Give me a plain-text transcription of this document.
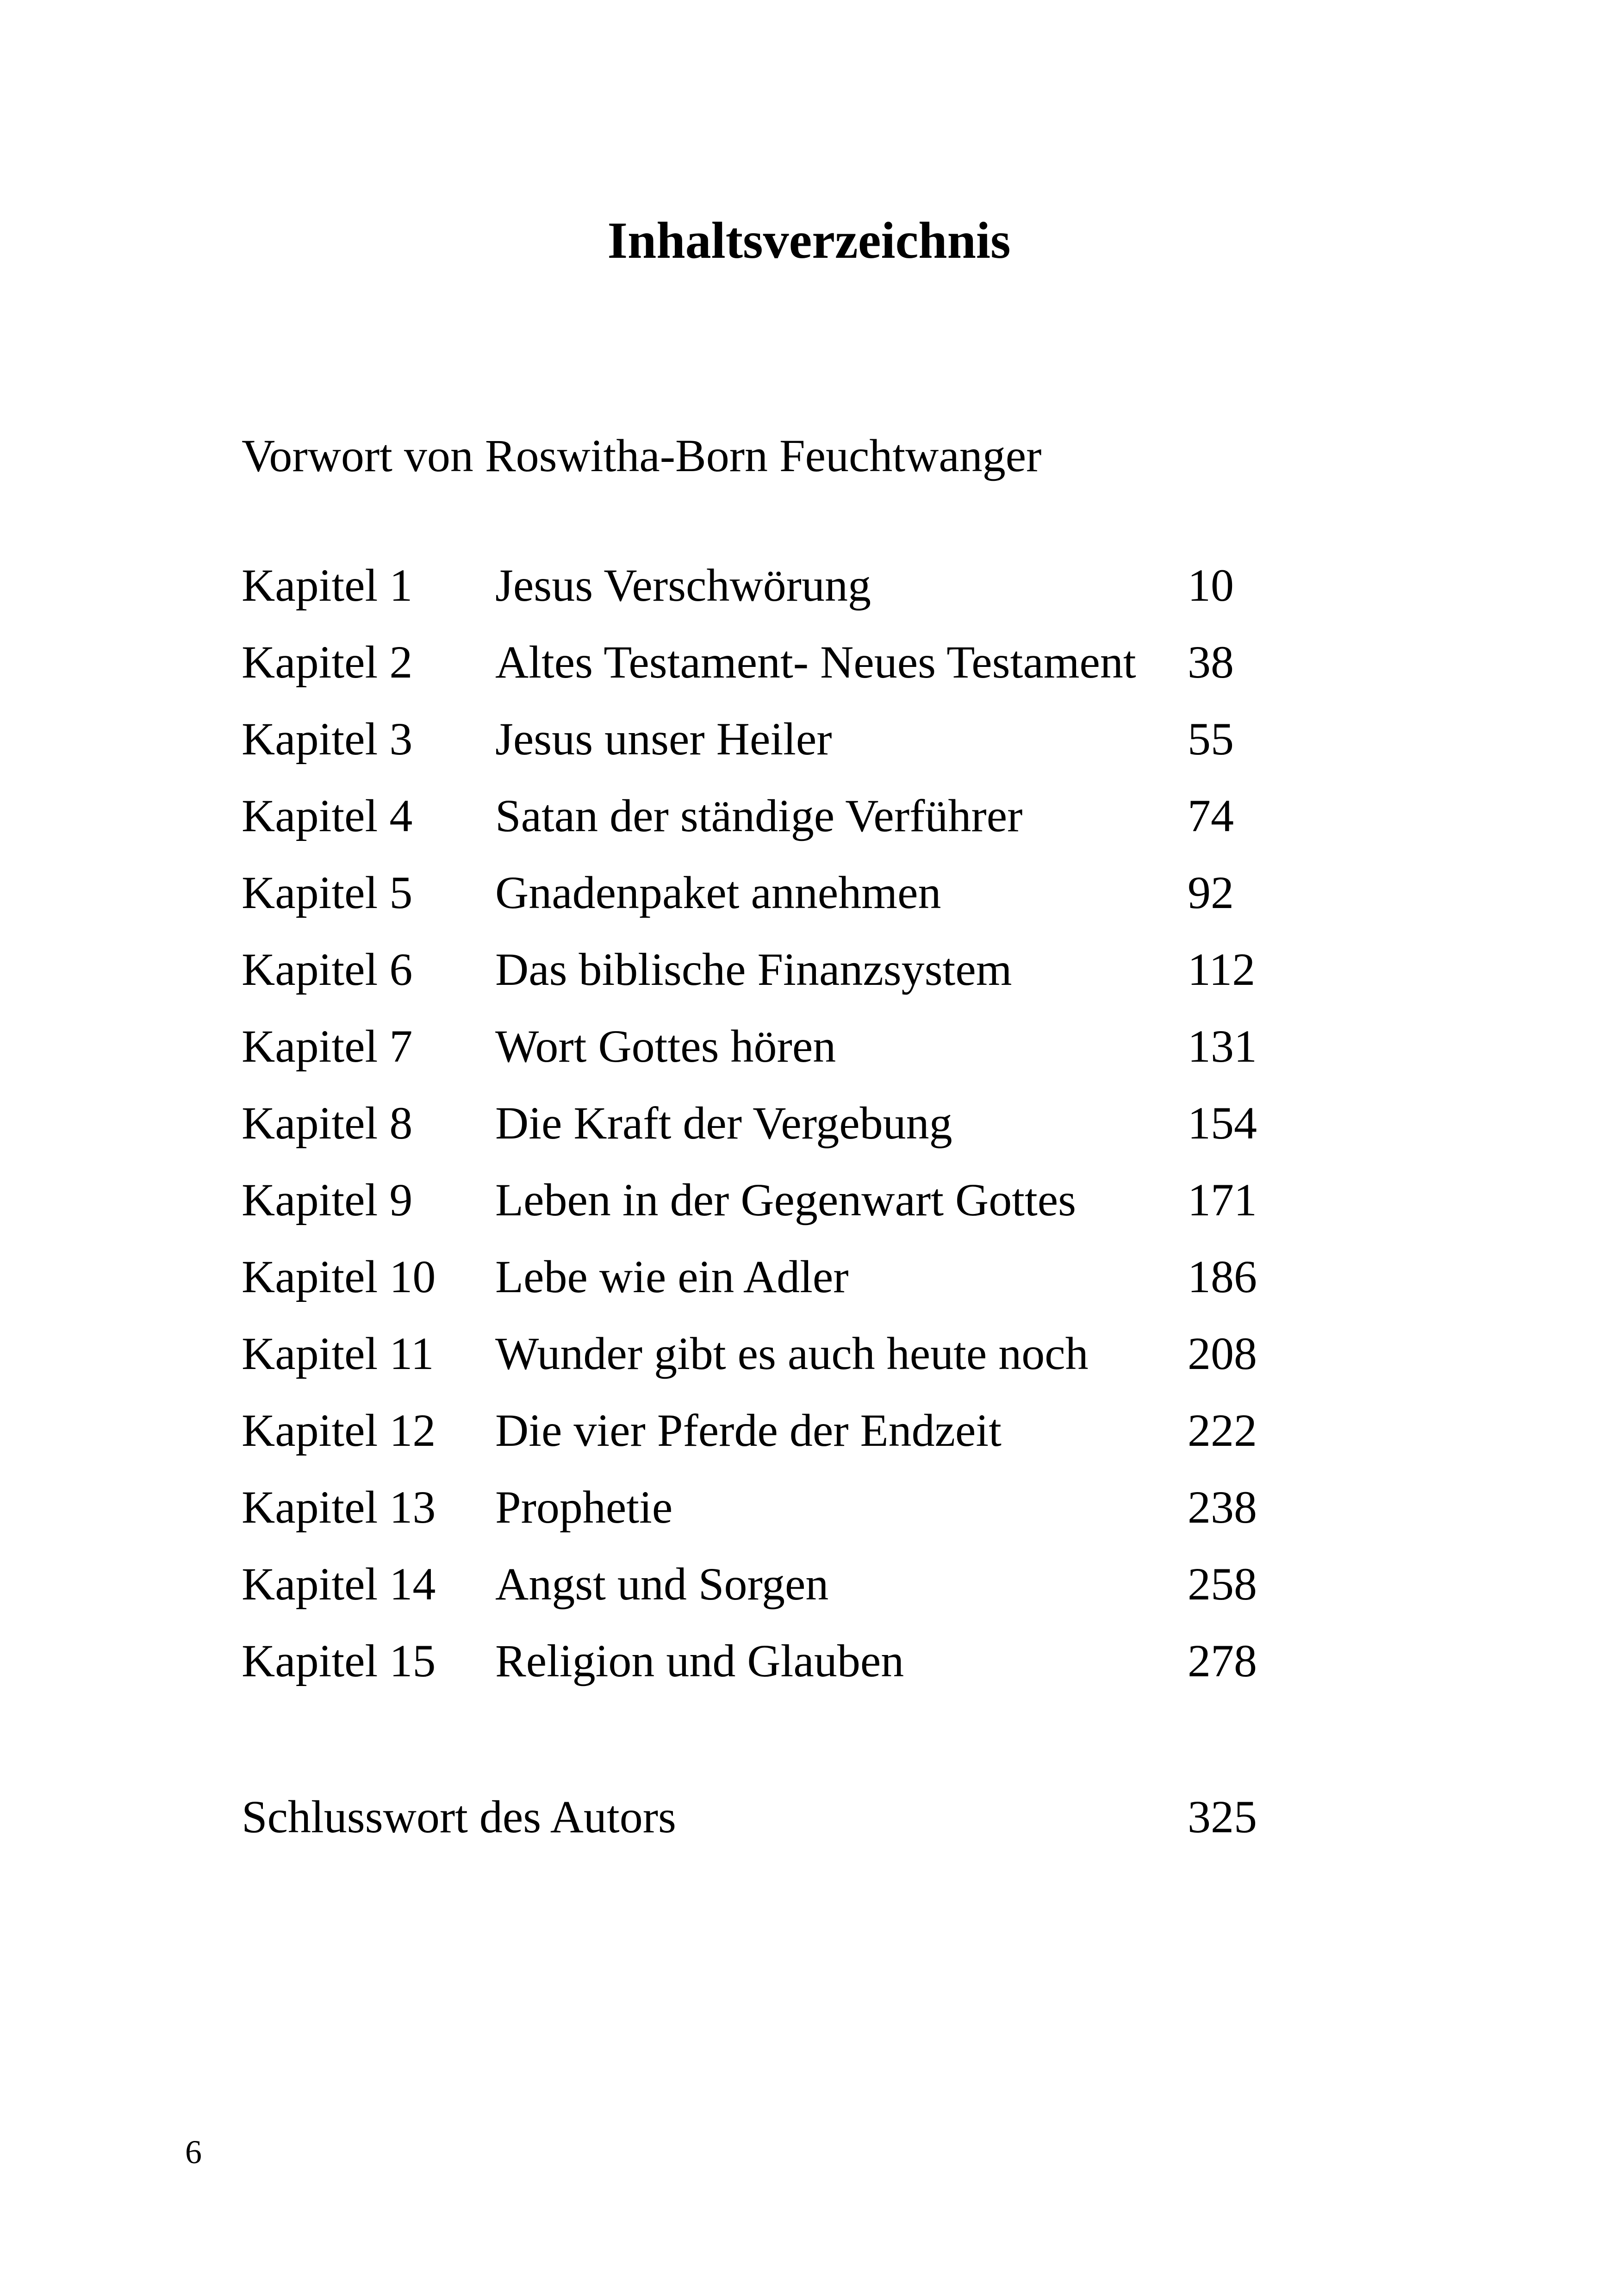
Inhaltsverzeichnis
Vorwort von Roswitha-Born Feuchtwanger
Kapitel 1 Jesus Verschwörung	10
Kapitel 2 Altes Testament- Neues Testament 38
Kapitel 3 Jesus unser Heiler	55
Kapitel 4 Satan der ständige Verführer	74
Kapitel 5 Gnadenpaket annehmen	92
Kapitel 6 Das biblische Finanzsystem	112
Kapitel 7 Wort Gottes hören	131
Kapitel 8 Die Kraft der Vergebung	154
Kapitel 9 Leben in der Gegenwart Gottes 171
Kapitel 10 Lebe wie ein Adler	186
Kapitel 11 Wunder gibt es auch heute noch 208
Kapitel 12 Die vier Pferde der Endzeit	222
Kapitel 13 Prophetie	238
Kapitel 14 Angst und Sorgen	258
Kapitel 15 Religion und Glauben	278
Schlusswort des Autors	325
6
